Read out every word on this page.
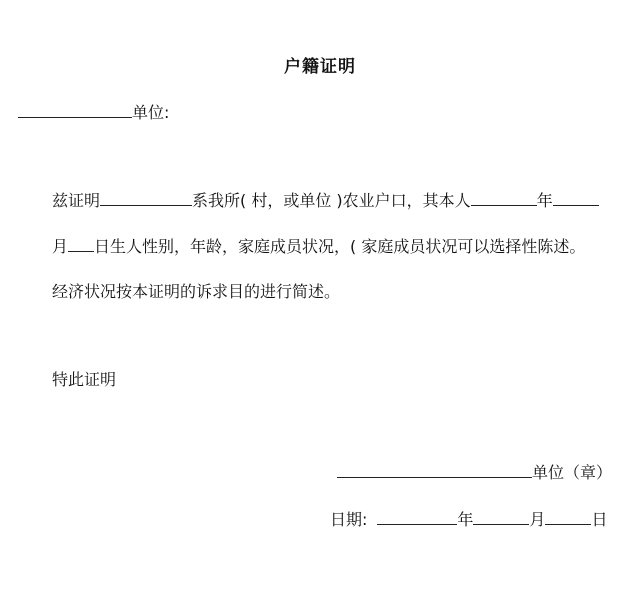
户籍证明
单位:
兹证明	系我所( 村，或单位 )农业户口，其本人	年
月 日生人性别，年龄，家庭成员状况，( 家庭成员状况可以选择性陈述。
经济状况按本证明的诉求目的进行简述。
特此证明
单位（章）
日期:	年	月	日
